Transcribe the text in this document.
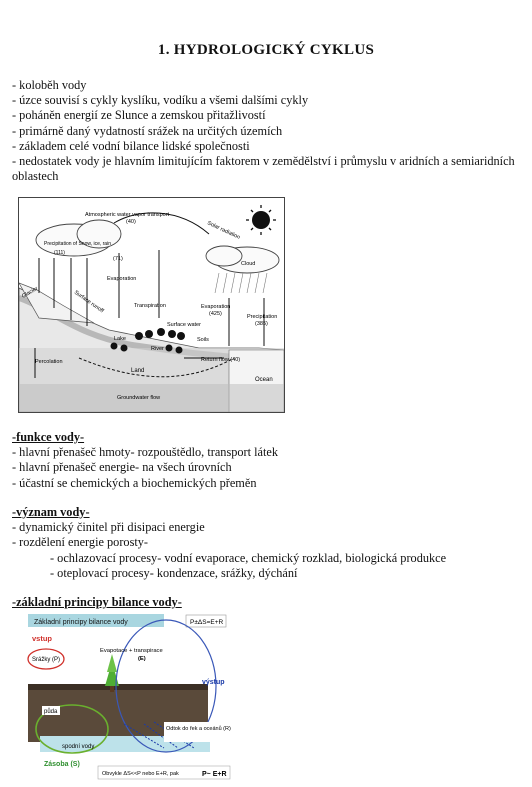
1. HYDROLOGICKÝ CYKLUS
- koloběh vody
- úzce souvisí s cykly kyslíku, vodíku a všemi dalšími cykly
- poháněn energií ze Slunce a zemskou přitažlivostí
- primárně daný vydatností srážek na určitých územích
- základem celé vodní bilance lidské společnosti
- nedostatek vody je hlavním limitujícím faktorem v zemědělství i průmyslu v aridních a semiaridních oblastech
Atmospheric water vapor transport
(40)	Solar radiation
Precipitation of Snow, ice, rain
(111)
Cloud
(71)
Evaporation
Transpiration	Evaporation
(425)	Precipitation
(385)
Glacier	Surface runoff
Lake
River
Surface water
Soils
Return flow (40)
Percolation
Land
Ocean
Groundwater flow
-funkce vody-
- hlavní přenašeč hmoty- rozpouštědlo, transport látek
- hlavní přenašeč energie- na všech úrovních
- účastní se chemických a biochemických přeměn
-význam vody-
- dynamický činitel při disipaci energie
- rozdělení energie porosty-
- ochlazovací procesy- vodní evaporace, chemický rozklad, biologická produkce
- oteplovací procesy- kondenzace, srážky, dýchání
-základní principy bilance vody-
Základní principy bilance vody	P±ΔS=E+R
vstup
Srážky (P)
Evapotace + transpirace
(E)
výstup
půda
Odtok do řek a oceánů (R)
spodní vody
Zásoba (S)
Obvykle ΔS<<P nebo E+R, pak	P~ E+R
